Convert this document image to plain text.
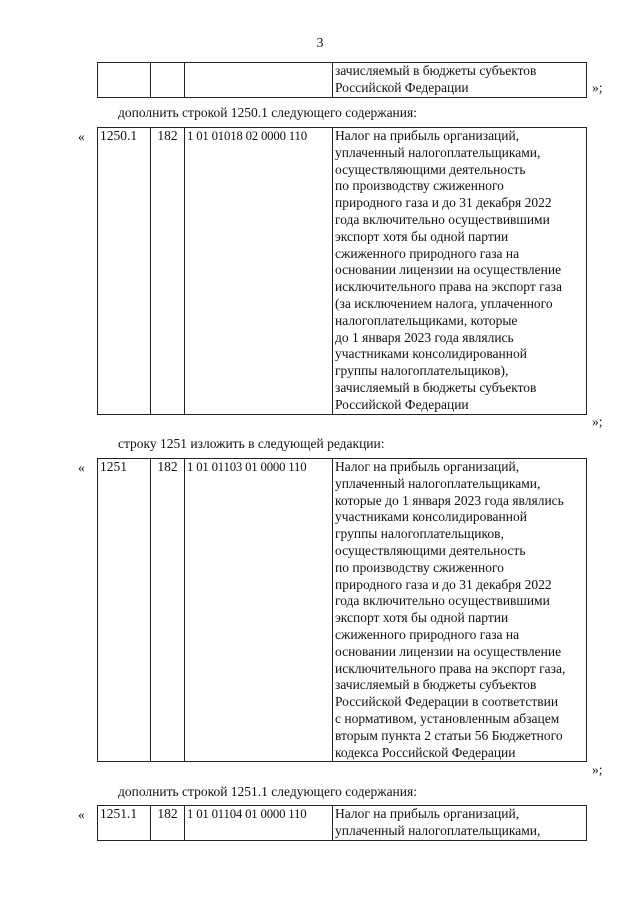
3

зачисляемый в бюджеты субъектов
Российской Федерации	»;
дополнить строкой 1250.1 следующего содержания:
« 1250.1	182	1 01 01018 02 0000 110	Налог на прибыль организаций,
уплаченный налогоплательщиками,
осуществляющими деятельность
по производству сжиженного
природного газа и до 31 декабря 2022
года включительно осуществившими
экспорт хотя бы одной партии
сжиженного природного газа на
основании лицензии на осуществление
исключительного права на экспорт газа
(за исключением налога, уплаченного
налогоплательщиками, которые
до 1 января 2023 года являлись
участниками консолидированной
группы налогоплательщиков),
зачисляемый в бюджеты субъектов
Российской Федерации
»;
строку 1251 изложить в следующей редакции:
« 1251	182	1 01 01103 01 0000 110	Налог на прибыль организаций,
уплаченный налогоплательщиками,
которые до 1 января 2023 года являлись
участниками консолидированной
группы налогоплательщиков,
осуществляющими деятельность
по производству сжиженного
природного газа и до 31 декабря 2022
года включительно осуществившими
экспорт хотя бы одной партии
сжиженного природного газа на
основании лицензии на осуществление
исключительного права на экспорт газа,
зачисляемый в бюджеты субъектов
Российской Федерации в соответствии
с нормативом, установленным абзацем
вторым пункта 2 статьи 56 Бюджетного
кодекса Российской Федерации
»;
дополнить строкой 1251.1 следующего содержания:
« 1251.1	182	1 01 01104 01 0000 110	Налог на прибыль организаций,
уплаченный налогоплательщиками,
